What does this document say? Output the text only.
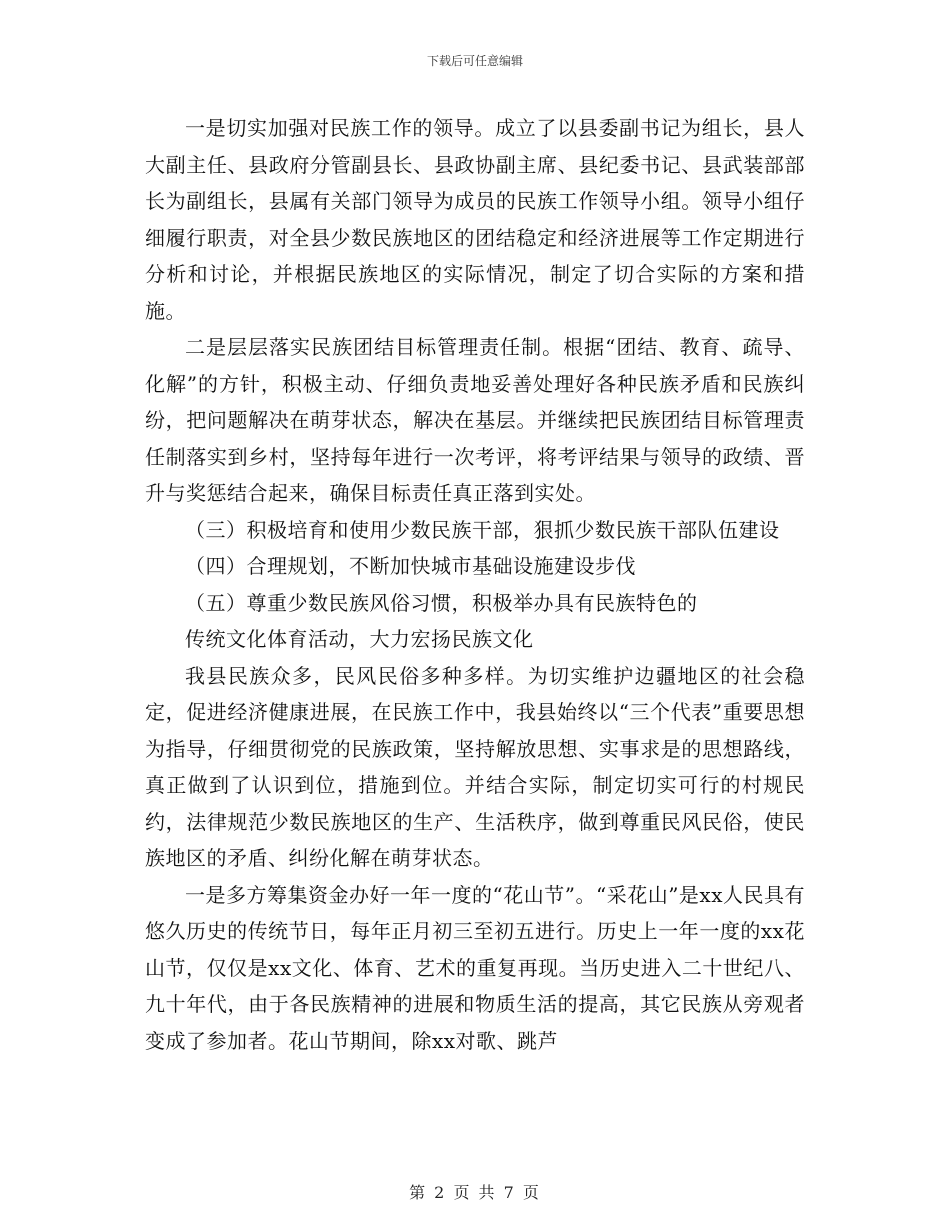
下载后可任意编辑

一是切实加强对民族工作的领导。成立了以县委副书记为组长，县人大副主任、县政府分管副县长、县政协副主席、县纪委书记、县武装部部长为副组长，县属有关部门领导为成员的民族工作领导小组。领导小组仔细履行职责，对全县少数民族地区的团结稳定和经济进展等工作定期进行分析和讨论，并根据民族地区的实际情况，制定了切合实际的方案和措施。

二是层层落实民族团结目标管理责任制。根据“团结、教育、疏导、化解”的方针，积极主动、仔细负责地妥善处理好各种民族矛盾和民族纠纷，把问题解决在萌芽状态，解决在基层。并继续把民族团结目标管理责任制落实到乡村，坚持每年进行一次考评，将考评结果与领导的政绩、晋升与奖惩结合起来，确保目标责任真正落到实处。

（三）积极培育和使用少数民族干部，狠抓少数民族干部队伍建设

（四）合理规划，不断加快城市基础设施建设步伐

（五）尊重少数民族风俗习惯，积极举办具有民族特色的

传统文化体育活动，大力宏扬民族文化

我县民族众多，民风民俗多种多样。为切实维护边疆地区的社会稳定，促进经济健康进展，在民族工作中，我县始终以“三个代表”重要思想为指导，仔细贯彻党的民族政策，坚持解放思想、实事求是的思想路线，真正做到了认识到位，措施到位。并结合实际，制定切实可行的村规民约，法律规范少数民族地区的生产、生活秩序，做到尊重民风民俗，使民族地区的矛盾、纠纷化解在萌芽状态。

一是多方筹集资金办好一年一度的“花山节”。“采花山”是xx人民具有悠久历史的传统节日，每年正月初三至初五进行。历史上一年一度的xx花山节，仅仅是xx文化、体育、艺术的重复再现。当历史进入二十世纪八、九十年代，由于各民族精神的进展和物质生活的提高，其它民族从旁观者变成了参加者。花山节期间，除xx对歌、跳芦

第 2 页 共 7 页
